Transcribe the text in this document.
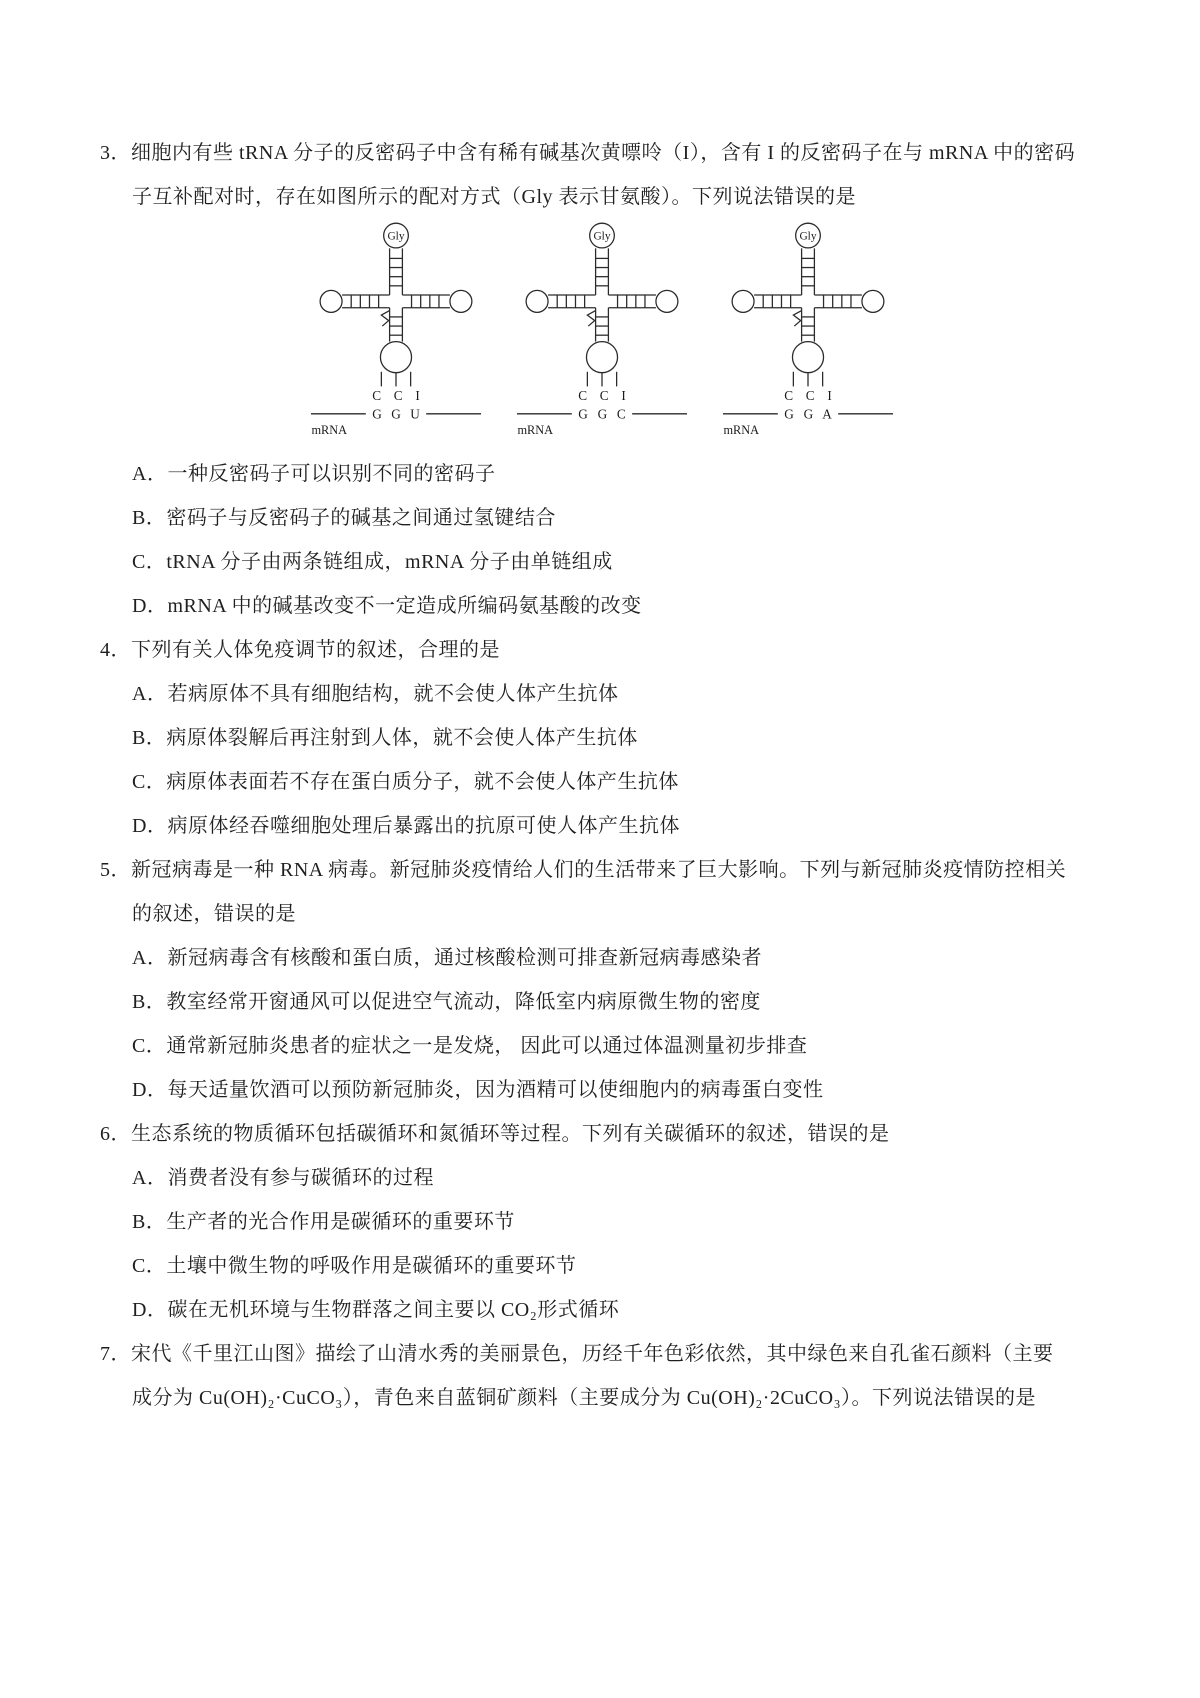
3．细胞内有些 tRNA 分子的反密码子中含有稀有碱基次黄嘌呤（I），含有 I 的反密码子在与 mRNA 中的密码
子互补配对时，存在如图所示的配对方式（Gly 表示甘氨酸）。下列说法错误的是
Gly
C C I
G G U
mRNA
Gly
C C I
G G C
mRNA
Gly
C C I
G G A
mRNA
A．一种反密码子可以识别不同的密码子
B．密码子与反密码子的碱基之间通过氢键结合
C．tRNA 分子由两条链组成，mRNA 分子由单链组成
D．mRNA 中的碱基改变不一定造成所编码氨基酸的改变
4．下列有关人体免疫调节的叙述，合理的是
A．若病原体不具有细胞结构，就不会使人体产生抗体
B．病原体裂解后再注射到人体，就不会使人体产生抗体
C．病原体表面若不存在蛋白质分子，就不会使人体产生抗体
D．病原体经吞噬细胞处理后暴露出的抗原可使人体产生抗体
5．新冠病毒是一种 RNA 病毒。新冠肺炎疫情给人们的生活带来了巨大影响。下列与新冠肺炎疫情防控相关
的叙述，错误的是
A．新冠病毒含有核酸和蛋白质，通过核酸检测可排查新冠病毒感染者
B．教室经常开窗通风可以促进空气流动，降低室内病原微生物的密度
C．通常新冠肺炎患者的症状之一是发烧， 因此可以通过体温测量初步排查
D．每天适量饮酒可以预防新冠肺炎，因为酒精可以使细胞内的病毒蛋白变性
6．生态系统的物质循环包括碳循环和氮循环等过程。下列有关碳循环的叙述，错误的是
A．消费者没有参与碳循环的过程
B．生产者的光合作用是碳循环的重要环节
C．土壤中微生物的呼吸作用是碳循环的重要环节
D．碳在无机环境与生物群落之间主要以 CO₂形式循环
7．宋代《千里江山图》描绘了山清水秀的美丽景色，历经千年色彩依然，其中绿色来自孔雀石颜料（主要
成分为 Cu(OH)₂·CuCO₃），青色来自蓝铜矿颜料（主要成分为 Cu(OH)₂·2CuCO₃）。下列说法错误的是
